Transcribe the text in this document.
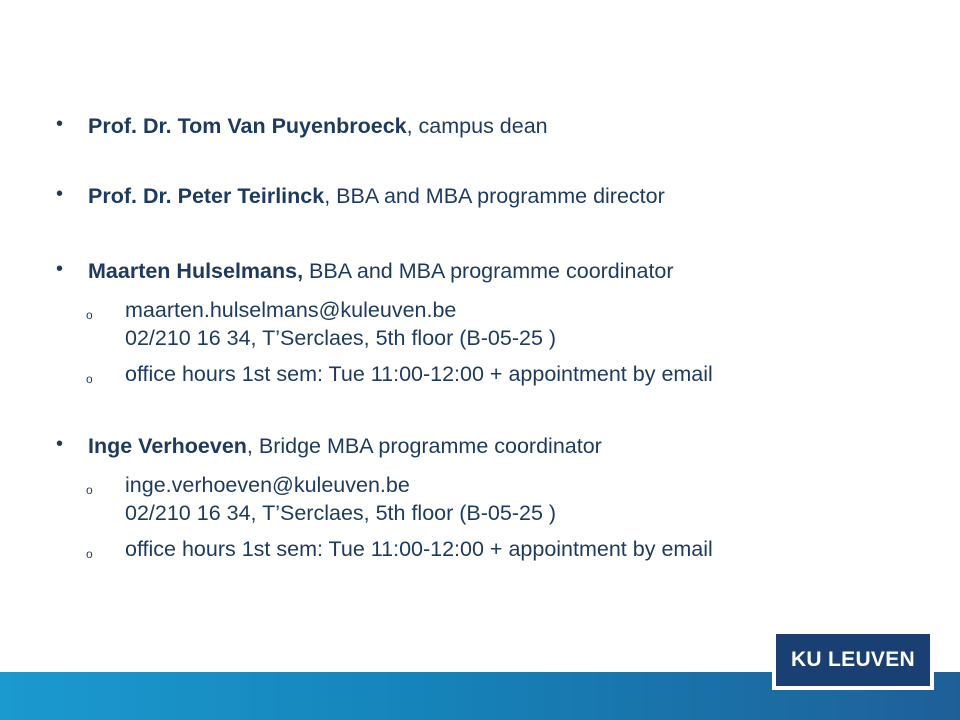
•	Prof. Dr. Tom Van Puyenbroeck, campus dean
•	Prof. Dr. Peter Teirlinck, BBA and MBA programme director
•	Maarten Hulselmans, BBA and MBA programme coordinator
o maarten.hulselmans@kuleuven.be
02/210 16 34, T’Serclaes, 5th floor (B-05-25 )
o office hours 1st sem: Tue 11:00-12:00 + appointment by email
•	Inge Verhoeven, Bridge MBA programme coordinator
o inge.verhoeven@kuleuven.be
02/210 16 34, T’Serclaes, 5th floor (B-05-25 )
o office hours 1st sem: Tue 11:00-12:00 + appointment by email
KU LEUVEN
